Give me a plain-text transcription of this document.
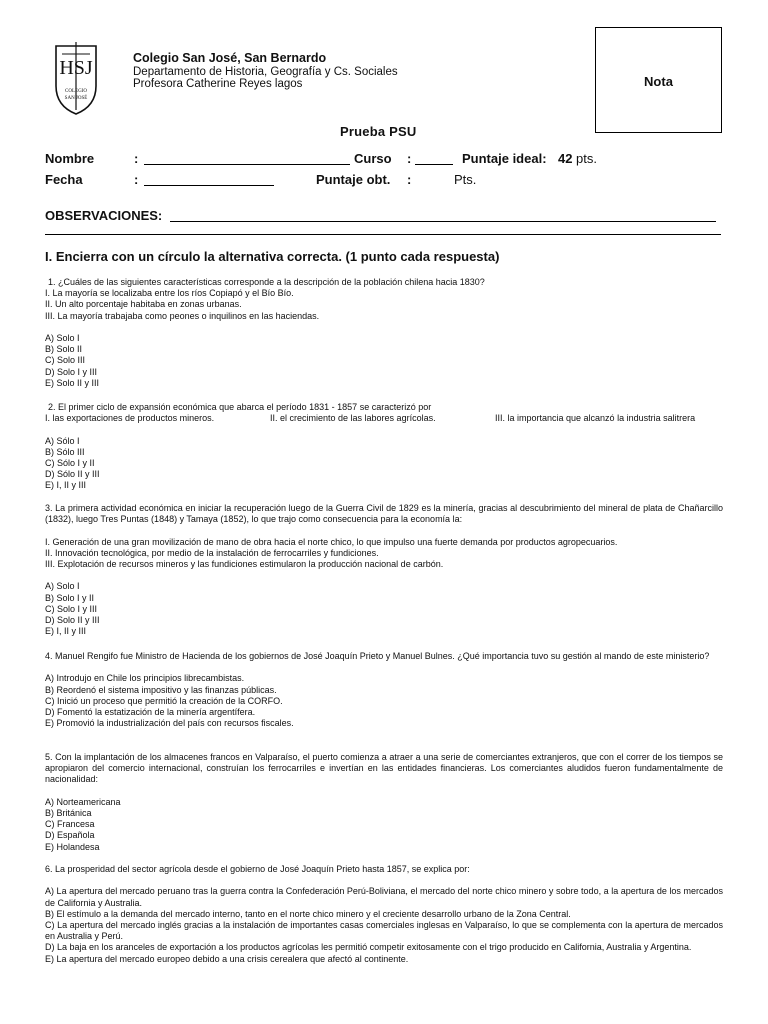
HSJ
COLEGIO
SAN JOSÉ
Colegio San José, San Bernardo
Departamento de Historia, Geografía y Cs. Sociales
Profesora Catherine Reyes lagos	Nota
Prueba PSU
Nombre	:	Curso :	Puntaje ideal: 42 pts.
Fecha	:	Puntaje obt. :	Pts.
OBSERVACIONES:
I. Encierra con un círculo la alternativa correcta. (1 punto cada respuesta)

1. ¿Cuáles de las siguientes características corresponde a la descripción de la población chilena hacia 1830?

I. La mayoría se localizaba entre los ríos Copiapó y el Bío Bío.

II. Un alto porcentaje habitaba en zonas urbanas.

III. La mayoría trabajaba como peones o inquilinos en las haciendas.

A) Solo I

B) Solo II

C) Solo III

D) Solo I y III

E) Solo II y III

2. El primer ciclo de expansión económica que abarca el período 1831 - 1857 se caracterizó por

I. las exportaciones de productos mineros.	II. el crecimiento de las labores agrícolas.	III. la importancia que alcanzó la industria salitrera

A) Sólo I

B) Sólo III

C) Sólo I y II

D) Sólo II y III

E) I, II y III

3. La primera actividad económica en iniciar la recuperación luego de la Guerra Civil de 1829 es la minería, gracias al descubrimiento del mineral de plata de Chañarcillo (1832), luego Tres Puntas (1848) y Tamaya (1852), lo que trajo como consecuencia para la economía la:

I. Generación de una gran movilización de mano de obra hacia el norte chico, lo que impulso una fuerte demanda por productos agropecuarios.

II. Innovación tecnológica, por medio de la instalación de ferrocarriles y fundiciones.

III. Explotación de recursos mineros y las fundiciones estimularon la producción nacional de carbón.

A) Solo I

B) Solo I y II

C) Solo I y III

D) Solo II y III

E) I, II y III

4. Manuel Rengifo fue Ministro de Hacienda de los gobiernos de José Joaquín Prieto y Manuel Bulnes. ¿Qué importancia tuvo su gestión al mando de este ministerio?

A) Introdujo en Chile los principios librecambistas.

B) Reordenó el sistema impositivo y las finanzas públicas.

C) Inició un proceso que permitió la creación de la CORFO.

D) Fomentó la estatización de la minería argentífera.

E) Promovió la industrialización del país con recursos fiscales.

5. Con la implantación de los almacenes francos en Valparaíso, el puerto comienza a atraer a una serie de comerciantes extranjeros, que con el correr de los tiempos se apropiaron del comercio internacional, construían los ferrocarriles e invertían en las entidades financieras. Los comerciantes aludidos fueron fundamentalmente de nacionalidad:

A) Norteamericana

B) Británica

C) Francesa

D) Española

E) Holandesa

6. La prosperidad del sector agrícola desde el gobierno de José Joaquín Prieto hasta 1857, se explica por:

A) La apertura del mercado peruano tras la guerra contra la Confederación Perú-Boliviana, el mercado del norte chico minero y sobre todo, a la apertura de los mercados de California y Australia.

B) El estímulo a la demanda del mercado interno, tanto en el norte chico minero y el creciente desarrollo urbano de la Zona Central.

C) La apertura del mercado inglés gracias a la instalación de importantes casas comerciales inglesas en Valparaíso, lo que se complementa con la apertura de mercados en Australia y Perú.

D) La baja en los aranceles de exportación a los productos agrícolas les permitió competir exitosamente con el trigo producido en California, Australia y Argentina.

E) La apertura del mercado europeo debido a una crisis cerealera que afectó al continente.
